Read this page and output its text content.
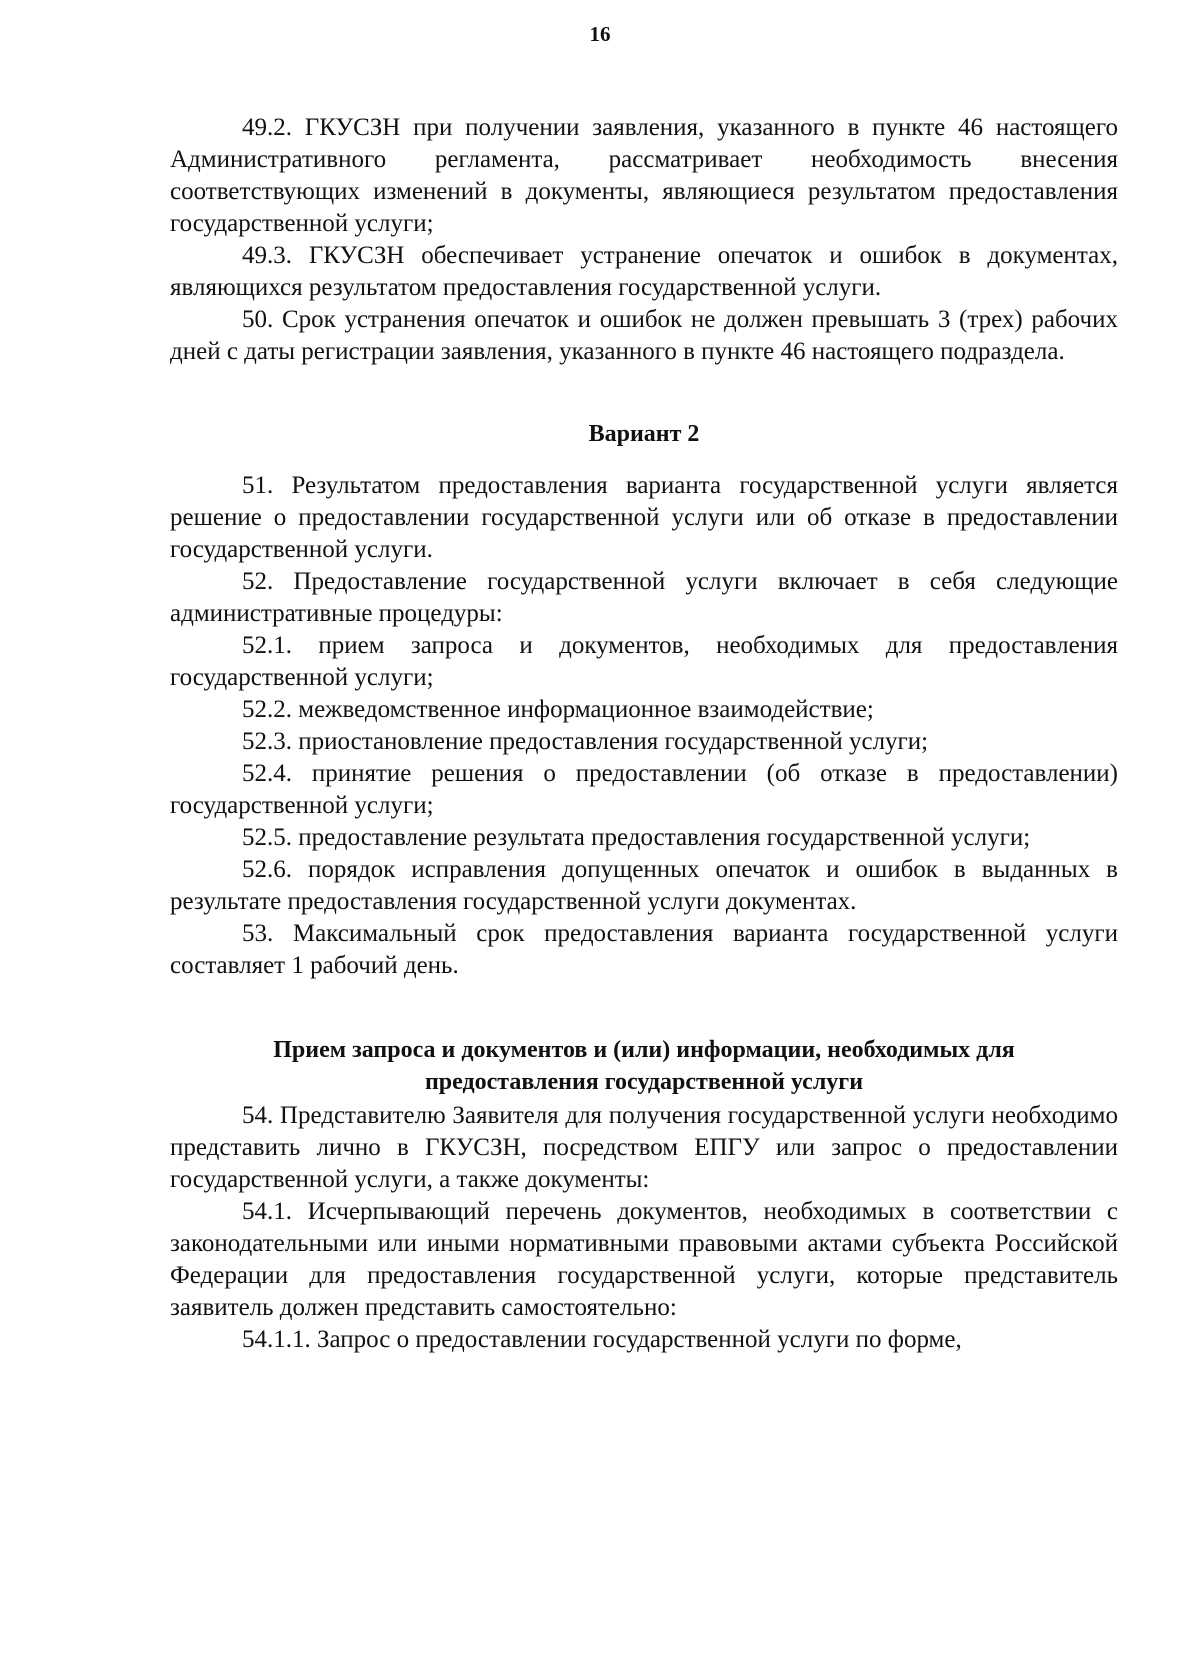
16

49.2. ГКУСЗН при получении заявления, указанного в пункте 46 настоящего Административного регламента, рассматривает необходимость внесения соответствующих изменений в документы, являющиеся результатом предоставления государственной услуги;

49.3. ГКУСЗН обеспечивает устранение опечаток и ошибок в документах, являющихся результатом предоставления государственной услуги.

50. Срок устранения опечаток и ошибок не должен превышать 3 (трех) рабочих дней с даты регистрации заявления, указанного в пункте 46 настоящего подраздела.

Вариант 2

51. Результатом предоставления варианта государственной услуги является решение о предоставлении государственной услуги или об отказе в предоставлении государственной услуги.

52. Предоставление государственной услуги включает в себя следующие административные процедуры:

52.1. прием запроса и документов, необходимых для предоставления государственной услуги;

52.2. межведомственное информационное взаимодействие;

52.3. приостановление предоставления государственной услуги;

52.4. принятие решения о предоставлении (об отказе в предоставлении) государственной услуги;

52.5. предоставление результата предоставления государственной услуги;

52.6. порядок исправления допущенных опечаток и ошибок в выданных в результате предоставления государственной услуги документах.

53. Максимальный срок предоставления варианта государственной услуги составляет 1 рабочий день.

Прием запроса и документов и (или) информации, необходимых для
предоставления государственной услуги

54. Представителю Заявителя для получения государственной услуги необходимо представить лично в ГКУСЗН, посредством ЕПГУ или запрос о предоставлении государственной услуги, а также документы:

54.1. Исчерпывающий перечень документов, необходимых в соответствии с законодательными или иными нормативными правовыми актами субъекта Российской Федерации для предоставления государственной услуги, которые представитель заявитель должен представить самостоятельно:

54.1.1. Запрос о предоставлении государственной услуги по форме,
